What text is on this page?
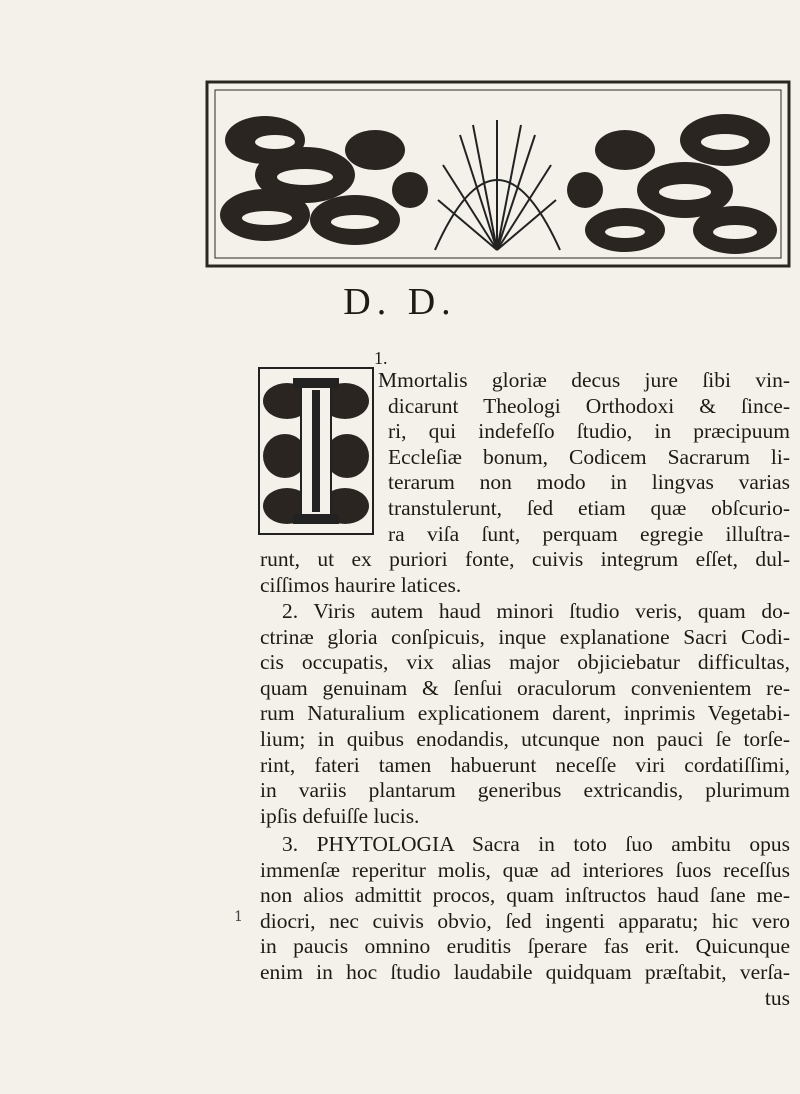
D. D.
1.
Mmortalis gloriæ decus jure ſibi vin-
dicarunt Theologi Orthodoxi & ſince-
ri, qui indefeſſo ſtudio, in præcipuum
Eccleſiæ bonum, Codicem Sacrarum li-
terarum non modo in lingvas varias
transtulerunt, ſed etiam quæ obſcurio-
ra viſa ſunt, perquam egregie illuſtra-
runt, ut ex puriori fonte, cuivis integrum eſſet, dul-
ciſſimos haurire latices.
2. Viris autem haud minori ſtudio veris, quam do-
ctrinæ gloria conſpicuis, inque explanatione Sacri Codi-
cis occupatis, vix alias major objiciebatur difficultas,
quam genuinam & ſenſui oraculorum convenientem re-
rum Naturalium explicationem darent, inprimis Vegetabi-
lium; in quibus enodandis, utcunque non pauci ſe torſe-
rint, fateri tamen habuerunt neceſſe viri cordatiſſimi,
in variis plantarum generibus extricandis, plurimum
ipſis defuiſſe lucis.
3. PHYTOLOGIA Sacra in toto ſuo ambitu opus
immenſæ reperitur molis, quæ ad interiores ſuos receſſus
non alios admittit procos, quam inſtructos haud ſane me-
diocri, nec cuivis obvio, ſed ingenti apparatu; hic vero
in paucis omnino eruditis ſperare fas erit. Quicunque
enim in hoc ſtudio laudabile quidquam præſtabit, verſa-
tus
1
